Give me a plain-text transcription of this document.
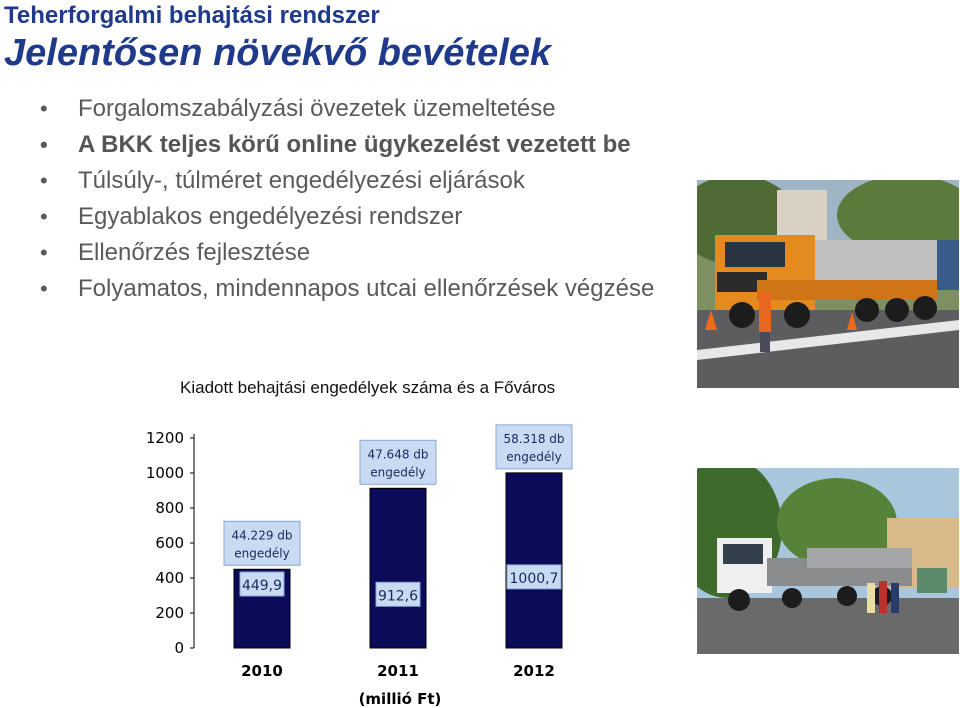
Teherforgalmi behajtási rendszer
Jelentősen növekvő bevételek
• Forgalomszabályzási övezetek üzemeltetése
• A BKK teljes körű online ügykezelést vezetett be
• Túlsúly-, túlméret engedélyezési eljárások
• Egyablakos engedélyezési rendszer
• Ellenőrzés fejlesztése
• Folyamatos, mindennapos utcai ellenőrzések végzése
Kiadott behajtási engedélyek száma és a Főváros
0
200
400
600
800
1000
1200
2010
449,9
44.229 db
engedély
2011
912,6
47.648 db
engedély
2012
1000,7
58.318 db
engedély
(millió Ft)
